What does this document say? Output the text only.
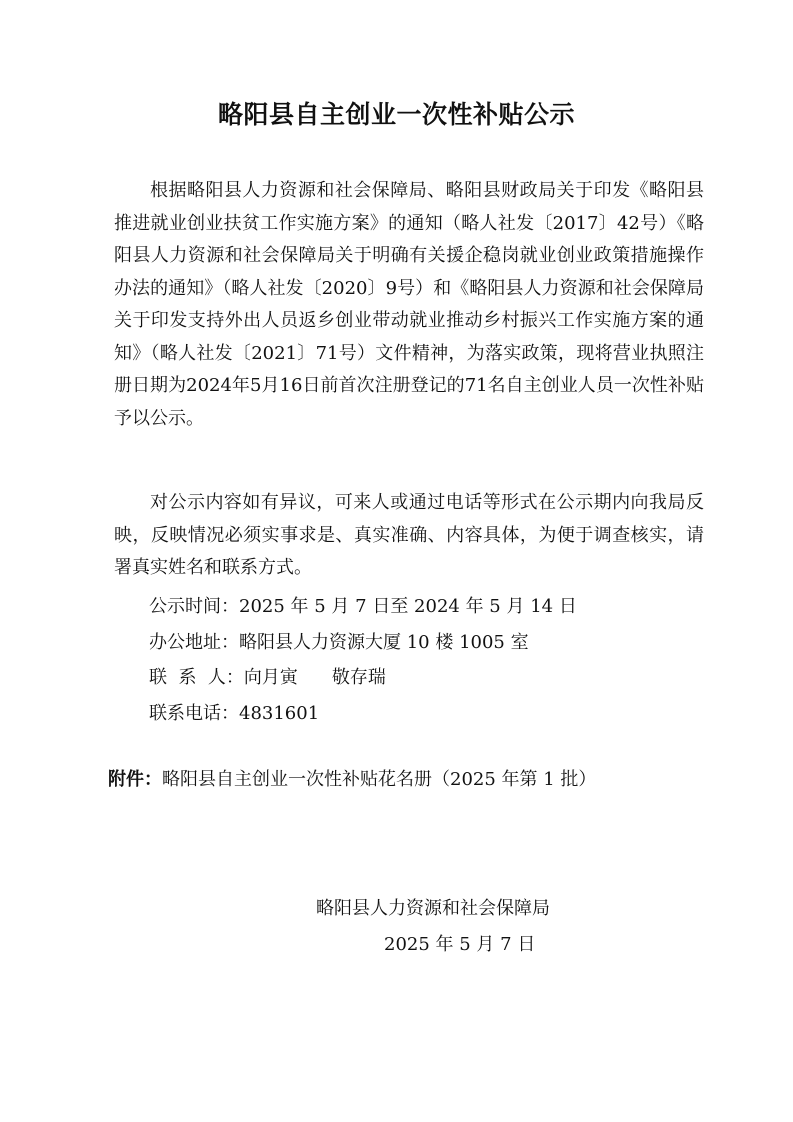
略阳县自主创业一次性补贴公示
根据略阳县人力资源和社会保障局、略阳县财政局关于印发《略阳县推进就业创业扶贫工作实施方案》的通知（略人社发〔2017〕42号）《略阳县人力资源和社会保障局关于明确有关援企稳岗就业创业政策措施操作办法的通知》（略人社发〔2020〕9号）和《略阳县人力资源和社会保障局关于印发支持外出人员返乡创业带动就业推动乡村振兴工作实施方案的通知》（略人社发〔2021〕71号）文件精神，为落实政策，现将营业执照注册日期为2024年5月16日前首次注册登记的71名自主创业人员一次性补贴予以公示。
对公示内容如有异议，可来人或通过电话等形式在公示期内向我局反映，反映情况必须实事求是、真实准确、内容具体，为便于调查核实，请署真实姓名和联系方式。
公示时间：2025 年 5 月 7 日至 2024 年 5 月 14 日
办公地址：略阳县人力资源大厦 10 楼 1005 室
联  系  人：向月寅 敬存瑞
联系电话：4831601
附件：略阳县自主创业一次性补贴花名册（2025 年第 1 批）
略阳县人力资源和社会保障局
2025 年 5 月 7 日
